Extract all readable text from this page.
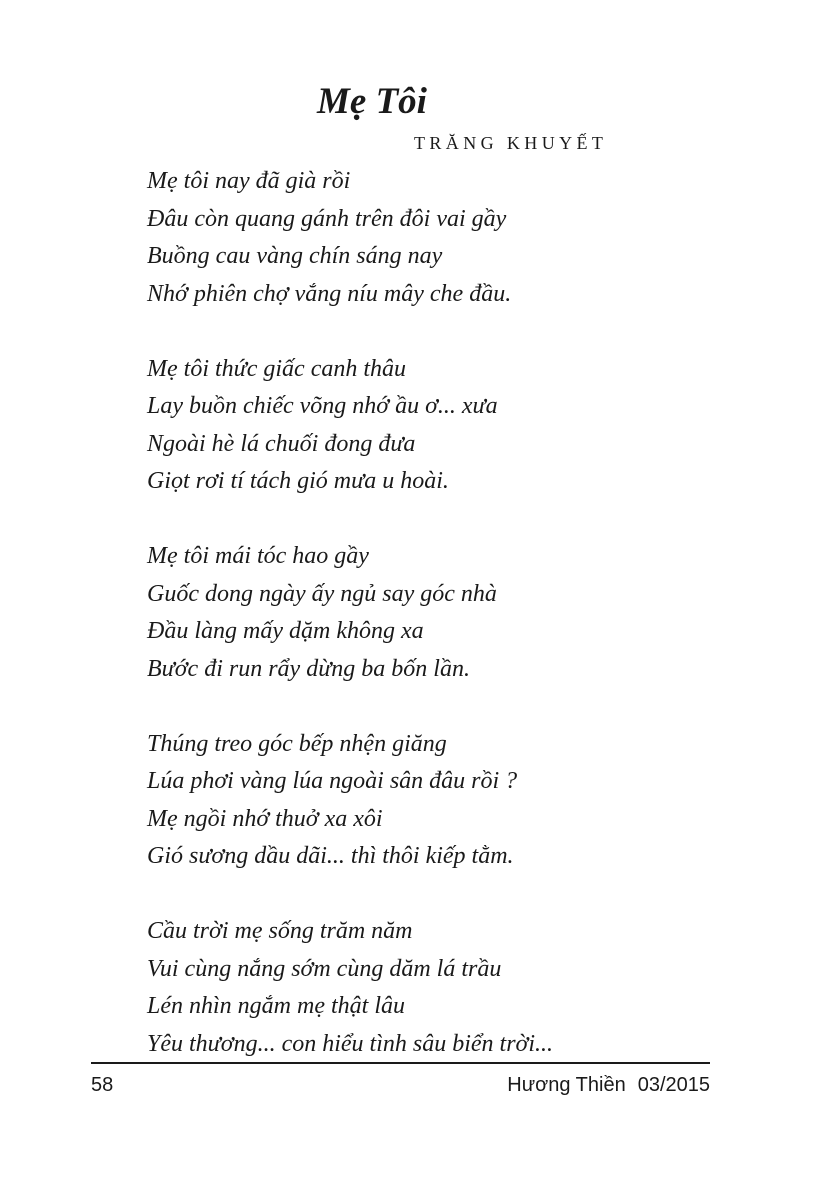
Mẹ Tôi
TRĂNG KHUYẾT

Mẹ tôi nay đã già rồi
Đâu còn quang gánh trên đôi vai gầy
Buồng cau vàng chín sáng nay
Nhớ phiên chợ vắng níu mây che đầu.

Mẹ tôi thức giấc canh thâu
Lay buồn chiếc võng nhớ ầu ơ... xưa
Ngoài hè lá chuối đong đưa
Giọt rơi tí tách gió mưa u hoài.

Mẹ tôi mái tóc hao gầy
Guốc dong ngày ấy ngủ say góc nhà
Đầu làng mấy dặm không xa
Bước đi run rẩy dừng ba bốn lần.

Thúng treo góc bếp nhện giăng
Lúa phơi vàng lúa ngoài sân đâu rồi ?
Mẹ ngồi nhớ thuở xa xôi
Gió sương dầu dãi... thì thôi kiếp tằm.

Cầu trời mẹ sống trăm năm
Vui cùng nắng sớm cùng dăm lá trầu
Lén nhìn ngắm mẹ thật lâu
Yêu thương... con hiểu tình sâu biển trời...

58	Hương Thiền 03/2015
